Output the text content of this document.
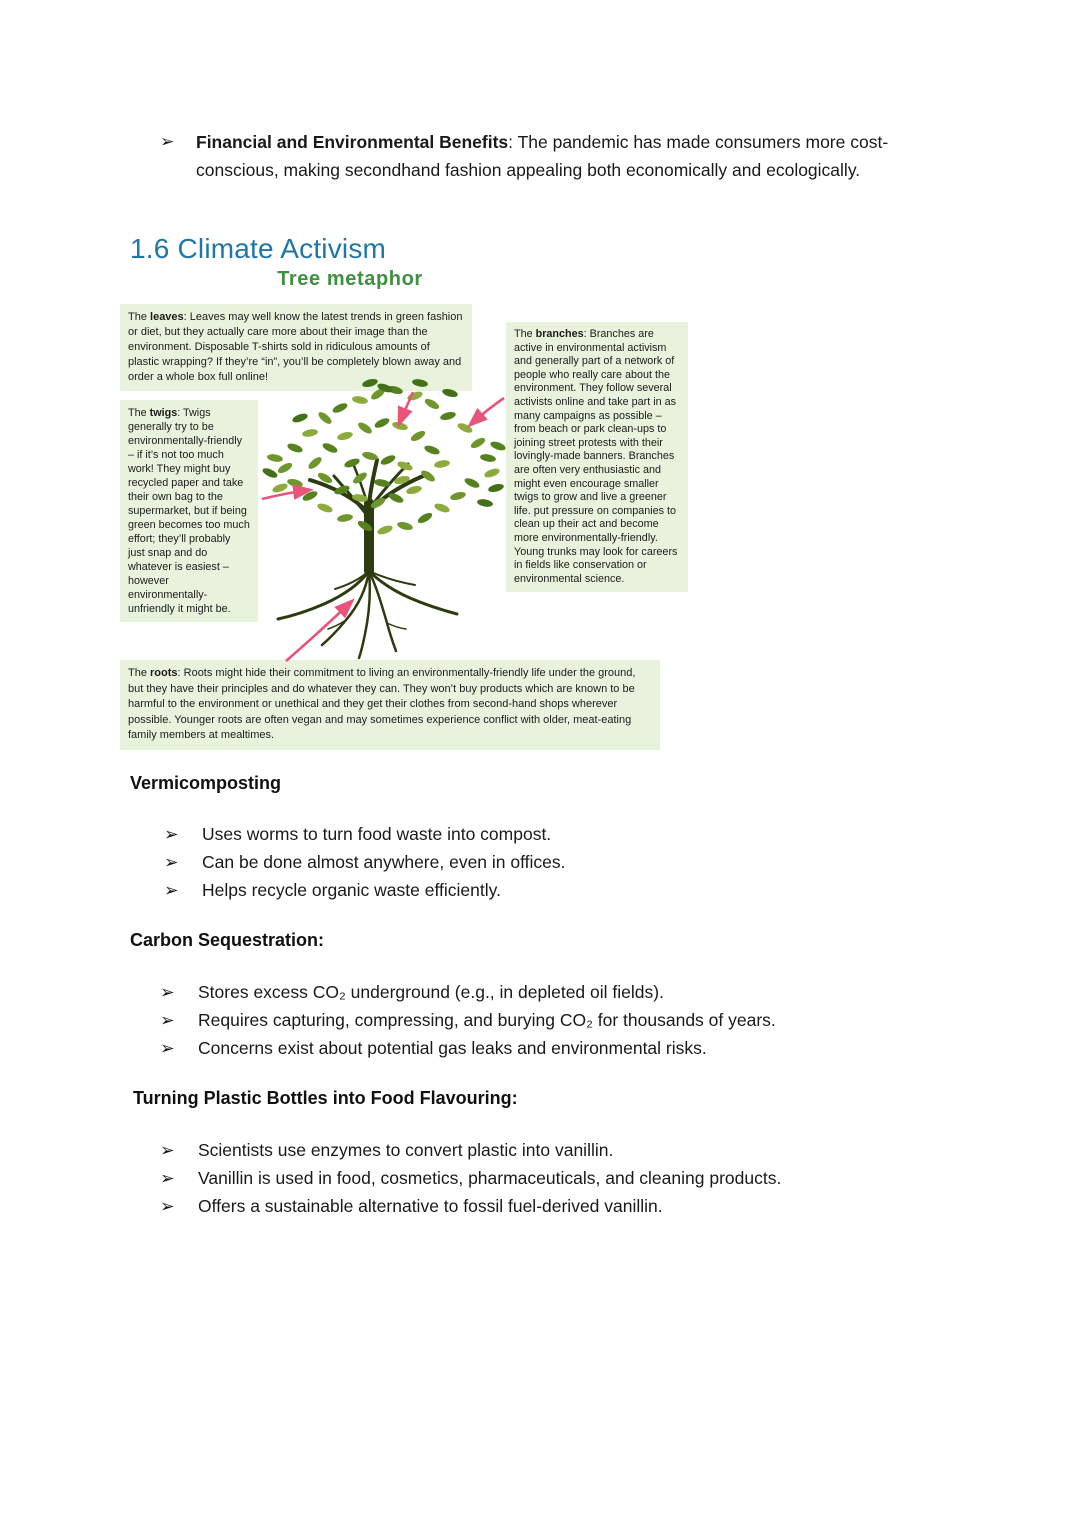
➢	Financial and Environmental Benefits: The pandemic has made consumers more cost-conscious, making secondhand fashion appealing both economically and ecologically.
1.6 Climate Activism
Tree metaphor
The leaves: Leaves may well know the latest trends in green fashion or diet, but they actually care more about their image than the environment. Disposable T-shirts sold in ridiculous amounts of plastic wrapping? If they’re “in”, you’ll be completely blown away and order a whole box full online!
The twigs: Twigs generally try to be environmentally-friendly – if it’s not too much work! They might buy recycled paper and take their own bag to the supermarket, but if being green becomes too much effort; they’ll probably just snap and do whatever is easiest – however environmentally-unfriendly it might be.
The branches: Branches are active in environmental activism and generally part of a network of people who really care about the environment. They follow several activists online and take part in as many campaigns as possible – from beach or park clean-ups to joining street protests with their lovingly-made banners. Branches are often very enthusiastic and might even encourage smaller twigs to grow and live a greener life. put pressure on companies to clean up their act and become more environmentally-friendly. Young trunks may look for careers in fields like conservation or environmental science.
The roots: Roots might hide their commitment to living an environmentally-friendly life under the ground, but they have their principles and do whatever they can. They won’t buy products which are known to be harmful to the environment or unethical and they get their clothes from second-hand shops wherever possible. Younger roots are often vegan and may sometimes experience conflict with older, meat-eating family members at mealtimes.
Vermicomposting
➢	Uses worms to turn food waste into compost.
➢	Can be done almost anywhere, even in offices.
➢	Helps recycle organic waste efficiently.
Carbon Sequestration:
➢	Stores excess CO₂ underground (e.g., in depleted oil fields).
➢	Requires capturing, compressing, and burying CO₂ for thousands of years.
➢	Concerns exist about potential gas leaks and environmental risks.
Turning Plastic Bottles into Food Flavouring:
➢	Scientists use enzymes to convert plastic into vanillin.
➢	Vanillin is used in food, cosmetics, pharmaceuticals, and cleaning products.
➢	Offers a sustainable alternative to fossil fuel-derived vanillin.
